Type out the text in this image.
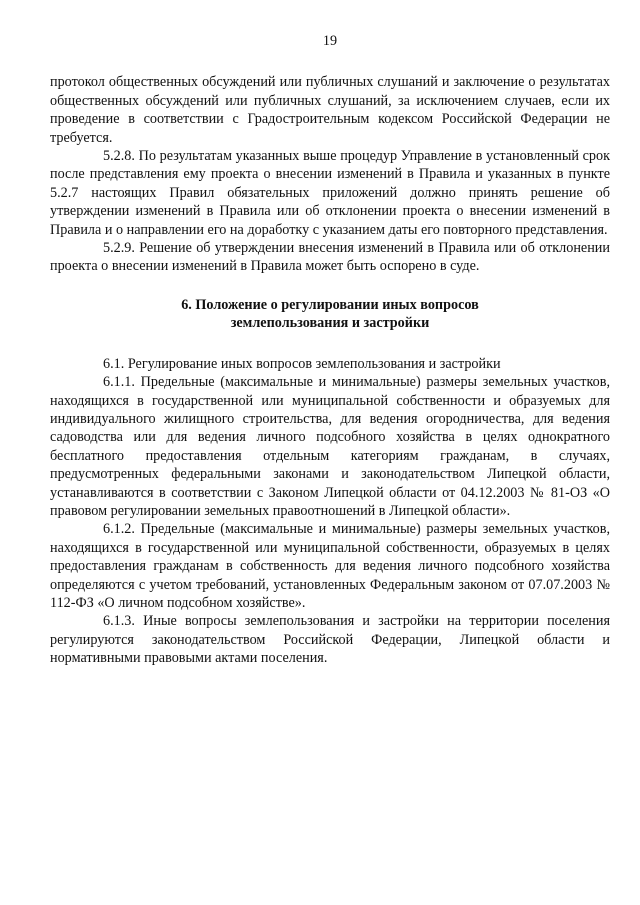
19

протокол общественных обсуждений или публичных слушаний и заключение о результатах общественных обсуждений или публичных слушаний, за исключением случаев, если их проведение в соответствии с Градостроительным кодексом Российской Федерации не требуется.

5.2.8. По результатам указанных выше процедур Управление в установленный срок после представления ему проекта о внесении изменений в Правила и указанных в пункте 5.2.7 настоящих Правил обязательных приложений должно принять решение об утверждении изменений в Правила или об отклонении проекта о внесении изменений в Правила и о направлении его на доработку с указанием даты его повторного представления.

5.2.9. Решение об утверждении внесения изменений в Правила или об отклонении проекта о внесении изменений в Правила может быть оспорено в суде.

6. Положение о регулировании иных вопросов
землепользования и застройки

6.1. Регулирование иных вопросов землепользования и застройки

6.1.1. Предельные (максимальные и минимальные) размеры земельных участков, находящихся в государственной или муниципальной собственности и образуемых для индивидуального жилищного строительства, для ведения огородничества, для ведения садоводства или для ведения личного подсобного хозяйства в целях однократного бесплатного предоставления отдельным категориям гражданам, в случаях, предусмотренных федеральными законами и законодательством Липецкой области, устанавливаются в соответствии с Законом Липецкой области от 04.12.2003 № 81-ОЗ «О правовом регулировании земельных правоотношений в Липецкой области».

6.1.2. Предельные (максимальные и минимальные) размеры земельных участков, находящихся в государственной или муниципальной собственности, образуемых в целях предоставления гражданам в собственность для ведения личного подсобного хозяйства определяются с учетом требований, установленных Федеральным законом от 07.07.2003 № 112-ФЗ «О личном подсобном хозяйстве».

6.1.3. Иные вопросы землепользования и застройки на территории поселения регулируются законодательством Российской Федерации, Липецкой области и нормативными правовыми актами поселения.
